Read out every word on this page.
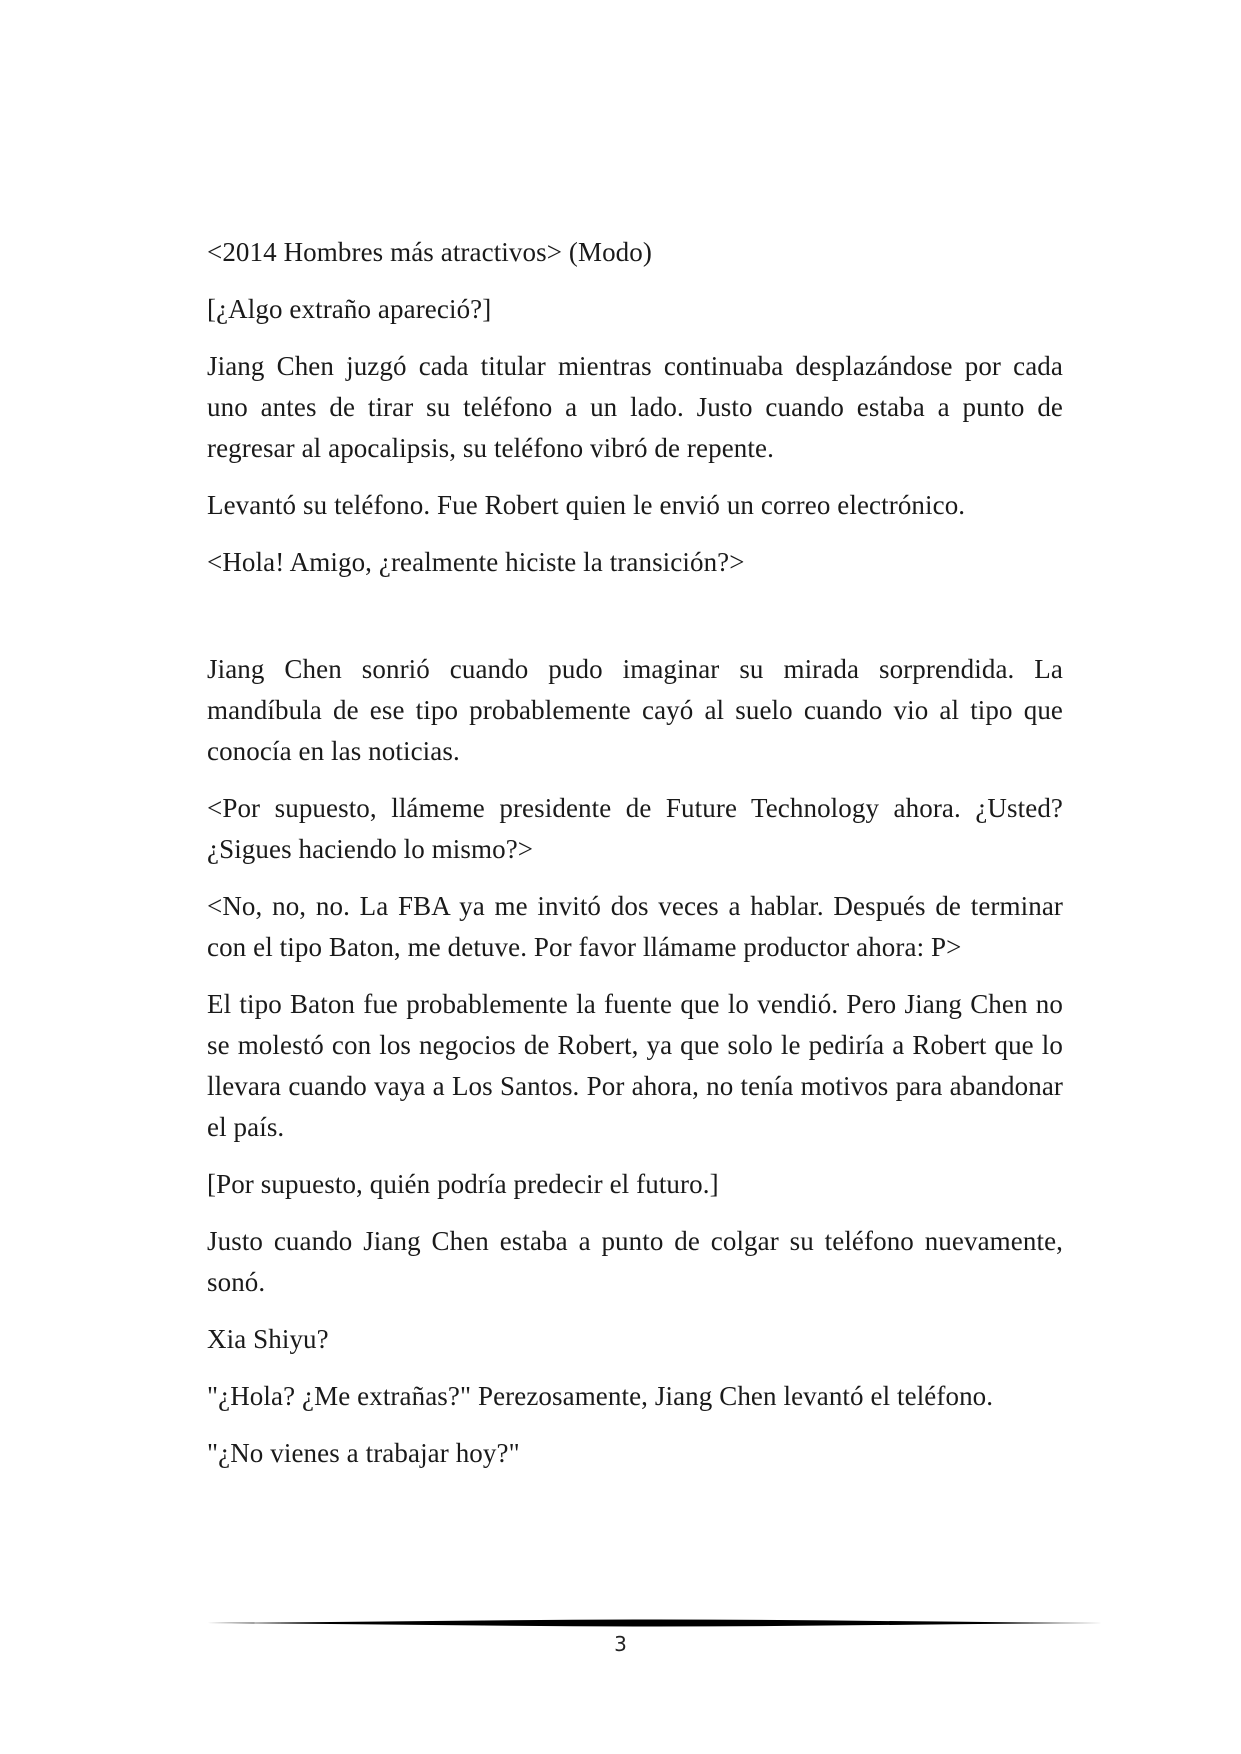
<2014 Hombres más atractivos> (Modo)

[¿Algo extraño apareció?]

Jiang Chen juzgó cada titular mientras continuaba desplazándose por cada uno antes de tirar su teléfono a un lado. Justo cuando estaba a punto de regresar al apocalipsis, su teléfono vibró de repente.

Levantó su teléfono. Fue Robert quien le envió un correo electrónico.

<Hola! Amigo, ¿realmente hiciste la transición?>

Jiang Chen sonrió cuando pudo imaginar su mirada sorprendida. La mandíbula de ese tipo probablemente cayó al suelo cuando vio al tipo que conocía en las noticias.

<Por supuesto, llámeme presidente de Future Technology ahora. ¿Usted? ¿Sigues haciendo lo mismo?>

<No, no, no. La FBA ya me invitó dos veces a hablar. Después de terminar con el tipo Baton, me detuve. Por favor llámame productor ahora: P>

El tipo Baton fue probablemente la fuente que lo vendió. Pero Jiang Chen no se molestó con los negocios de Robert, ya que solo le pediría a Robert que lo llevara cuando vaya a Los Santos. Por ahora, no tenía motivos para abandonar el país.

[Por supuesto, quién podría predecir el futuro.]

Justo cuando Jiang Chen estaba a punto de colgar su teléfono nuevamente, sonó.

Xia Shiyu?

"¿Hola? ¿Me extrañas?" Perezosamente, Jiang Chen levantó el teléfono.

"¿No vienes a trabajar hoy?"

3
